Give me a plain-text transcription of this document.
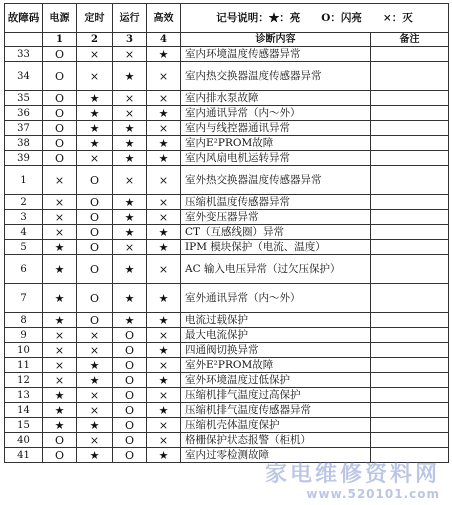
故障码	电源	定时	运行	高效	记号说明：★：亮　　O：闪亮　　×：灭	
	1	2	3	4	诊断内容	备注
33	O	×	×	★	室内环境温度传感器异常	
34	O	×	★	×	室内热交换器温度传感器异常	
35	O	★	×	×	室内排水泵故障	
36	O	★	×	★	室内通讯异常（内～外）	
37	O	★	★	×	室内与线控器通讯异常	
38	O	★	★	★	室内E²PROM故障	
39	O	×	★	★	室内风扇电机运转异常	
1	×	O	×	×	室外热交换器温度传感器异常	
2	×	O	★	×	压缩机温度传感器异常	
3	×	O	★	×	室外变压器异常	
4	×	O	★	★	CT（互感线圈）异常	
5	★	O	×	★	IPM 模块保护（电流、温度）	
6	★	O	★	×	AC 输入电压异常（过欠压保护）	
7	★	O	★	★	室外通讯异常（内～外）	
8	★	O	★	★	电流过载保护	
9	×	×	O	×	最大电流保护	
10	×	×	O	★	四通阀切换异常	
11	×	★	O	×	室外E²PROM故障	
12	×	★	O	★	室外环境温度过低保护	
13	★	×	O	×	压缩机排气温度过高保护	
14	★	×	O	★	压缩机排气温度传感器异常	
15	★	★	O	×	压缩机壳体温度保护	
40	O	×	O	×	格栅保护状态报警（柜机）	
41	O	★	O	★	室内过零检测故障	
家电维修资料网
www.520101.com
